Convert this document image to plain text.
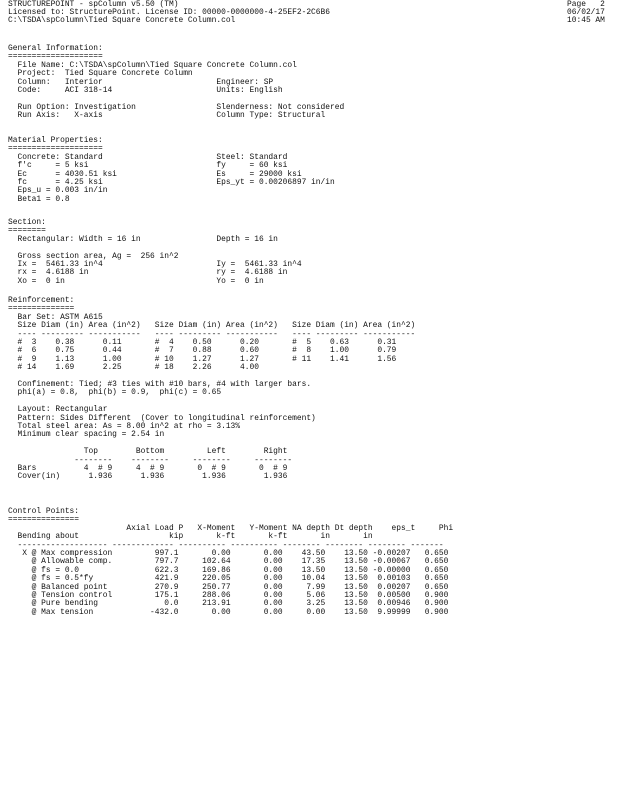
STRUCTUREPOINT - spColumn v5.50 (TM)
Licensed to: StructurePoint. License ID: 00000-0000000-4-25EF2-2C6B6
C:\TSDA\spColumn\Tied Square Concrete Column.col
Page   2
06/02/17
10:45 AM
General Information:
====================
File Name: C:\TSDA\spColumn\Tied Square Concrete Column.col
Project:  Tied Square Concrete Column
Column:   Interior                        Engineer: SP
Code:     ACI 318-14                      Units: English
Run Option: Investigation                 Slenderness: Not considered
Run Axis:   X-axis                        Column Type: Structural
Material Properties:
====================
Concrete: Standard                        Steel: Standard
f'c     = 5 ksi                           fy     = 60 ksi
Ec      = 4030.51 ksi                     Es     = 29000 ksi
fc      = 4.25 ksi                        Eps_yt = 0.00206897 in/in
Eps_u = 0.003 in/in
Beta1 = 0.8
Section:
========
Rectangular: Width = 16 in                Depth = 16 in
Gross section area, Ag =  256 in^2
Ix =  5461.33 in^4                        Iy =  5461.33 in^4
rx =  4.6188 in                           ry =  4.6188 in
Xo =  0 in                                Yo =  0 in
Reinforcement:
==============
Bar Set: ASTM A615
Size Diam (in) Area (in^2)   Size Diam (in) Area (in^2)   Size Diam (in) Area (in^2)
---- --------- -----------   ---- --------- -----------   ---- --------- -----------
#  3    0.38      0.11       #  4    0.50      0.20       #  5    0.63      0.31
#  6    0.75      0.44       #  7    0.88      0.60       #  8    1.00      0.79
#  9    1.13      1.00       # 10    1.27      1.27       # 11    1.41      1.56
# 14    1.69      2.25       # 18    2.26      4.00
Confinement: Tied; #3 ties with #10 bars, #4 with larger bars.
phi(a) = 0.8,  phi(b) = 0.9,  phi(c) = 0.65
Layout: Rectangular
Pattern: Sides Different  (Cover to longitudinal reinforcement)
Total steel area: As = 8.00 in^2 at rho = 3.13%
Minimum clear spacing = 2.54 in
Top        Bottom         Left        Right
--------    --------     --------     --------
Bars          4  # 9     4  # 9       0  # 9       0  # 9
Cover(in)      1.936      1.936        1.936        1.936
Control Points:
===============
Axial Load P   X-Moment   Y-Moment NA depth Dt depth    eps_t     Phi
Bending about                   kip       k-ft       k-ft       in       in
------------------- ------------- ---------- ---------- -------- -------- -------- -------
X @ Max compression         997.1       0.00       0.00    43.50    13.50 -0.00207   0.650
@ Allowable comp.         797.7     102.64       0.00    17.35    13.50 -0.00067   0.650
@ fs = 0.0                622.3     169.86       0.00    13.50    13.50 -0.00000   0.650
@ fs = 0.5*fy             421.9     220.05       0.00    10.04    13.50  0.00103   0.650
@ Balanced point          270.9     250.77       0.00     7.99    13.50  0.00207   0.650
@ Tension control         175.1     288.06       0.00     5.06    13.50  0.00500   0.900
@ Pure bending              0.0     213.91       0.00     3.25    13.50  0.00946   0.900
@ Max tension            -432.0       0.00       0.00     0.00    13.50  9.99999   0.900
